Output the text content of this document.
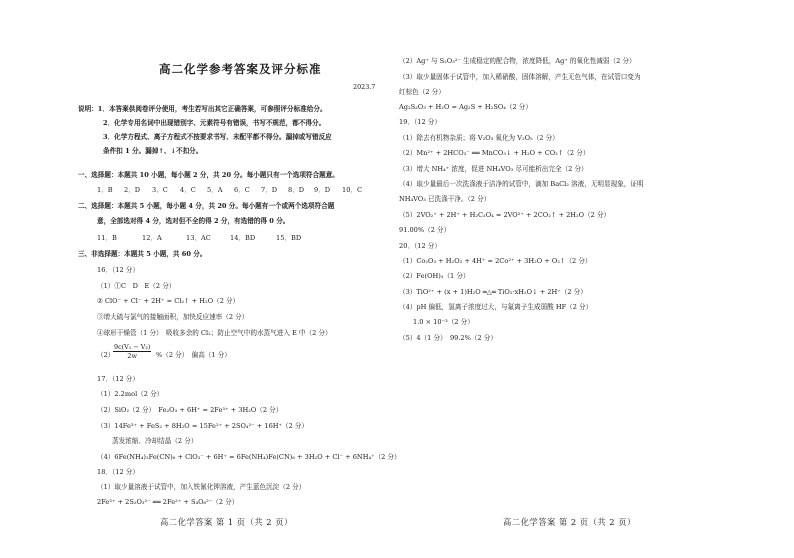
高二化学参考答案及评分标准
2023.7
说明：1．本答案供阅卷评分使用，考生若写出其它正确答案，可参照评分标准给分。
2．化学专用名词中出现错别字、元素符号有错误，书写不规范，都不得分。
3．化学方程式、离子方程式不按要求书写、未配平都不得分。漏掉或写错反应
条件扣 1 分。漏掉↑、↓不扣分。
一、选择题：本题共 10 小题，每小题 2 分，共 20 分。每小题只有一个选项符合题意。
1．B 2．D 3．C 4．C 5．A 6．C 7．D 8．D 9．D 10．C
二、选择题：本题共 5 小题，每小题 4 分，共 20 分。每小题有一个或两个选项符合题
意，全部选对得 4 分，选对但不全的得 2 分，有选错的得 0 分。
11．B	12．A	13．AC	14．BD	15．BD
三、非选择题：本题共 5 小题，共 60 分。
16．（12 分）
（1）①C　D　E（2 分）
② ClO⁻ + Cl⁻ + 2H⁺ = Cl₂↑ + H₂O（2 分）
③增大硫与氯气的接触面积，加快反应速率（2 分）
④球形干燥管（1 分）　吸收多余的 Cl₂；防止空气中的水蒸气进入 E 中（2 分）
（2）
$\frac{\text{9c(V₁ − V₂)}}{2w} \%(2$ 分）　偏高（1 分）
17．（12 分）
（1）2.2mol（2 分）
（2）SiO₂（2 分）　Fe₂O₃ + 6H⁺ = 2Fe³⁺ + 3H₂O（2 分）
（3）14Fe³⁺ + FeS₂ + 8H₂O = 15Fe²⁺ + 2SO₄²⁻ + 16H⁺（2 分）
蒸发浓缩、冷却结晶（2 分）
（4）6Fe(NH₄)₂Fe(CN)₆ + ClO₃⁻ + 6H⁺ = 6Fe(NH₄)Fe(CN)₆ + 3H₂O + Cl⁻ + 6NH₄⁺（2 分）
18．（12 分）
（1）取少量溶液于试管中，加入铁氰化钾溶液，产生蓝色沉淀（2 分）
2Fe³⁺ + 2S₂O₃²⁻ ══ 2Fe²⁺ + S₄O₆²⁻（2 分）
高二化学答案 第 1 页（共 2 页）
（2）Ag⁺ 与 S₂O₃²⁻ 生成稳定的配合物，浓度降低，Ag⁺ 的氧化性减弱（2 分）
（3）取少量固体于试管中，加入稀硝酸，固体溶解，产生无色气体，在试管口变为
红棕色（2 分）
Ag₂S₂O₃ + H₂O = Ag₂S + H₂SO₄（2 分）
19．（12 分）
（1）除去有机物杂质；将 V₂O₃ 氧化为 V₂O₅（2 分）
（2）Mn²⁺ + 2HCO₃⁻ ══ MnCO₃↓ + H₂O + CO₂↑（2 分）
（3）增大 NH₄⁺ 浓度，促进 NH₄VO₃ 尽可能析出完全（2 分）
（4）取少量最后一次洗涤液于洁净的试管中，滴加 BaCl₂ 溶液，无明显现象，证明
NH₄VO₃ 已洗涤干净。（2 分）
（5）2VO₂⁺ + 2H⁺ + H₂C₂O₄ = 2VO²⁺ + 2CO₂↑ + 2H₂O（2 分）
91.00%（2 分）
20．（12 分）
（1）Co₂O₃ + H₂O₂ + 4H⁺ = 2Co²⁺ + 3H₂O + O₂↑（2 分）
（2）Fe(OH)₃（1 分）
（3）TiO²⁺ + (x + 1)H₂O ═△═ TiO₂·xH₂O↓ + 2H⁺（2 分）
（4）pH 偏低，氢离子浓度过大，与氟离子生成弱酸 HF（2 分）
1.0 × 10⁻³（2 分）
（5）4（1 分）　99.2%（2 分）
高二化学答案 第 2 页（共 2 页）
